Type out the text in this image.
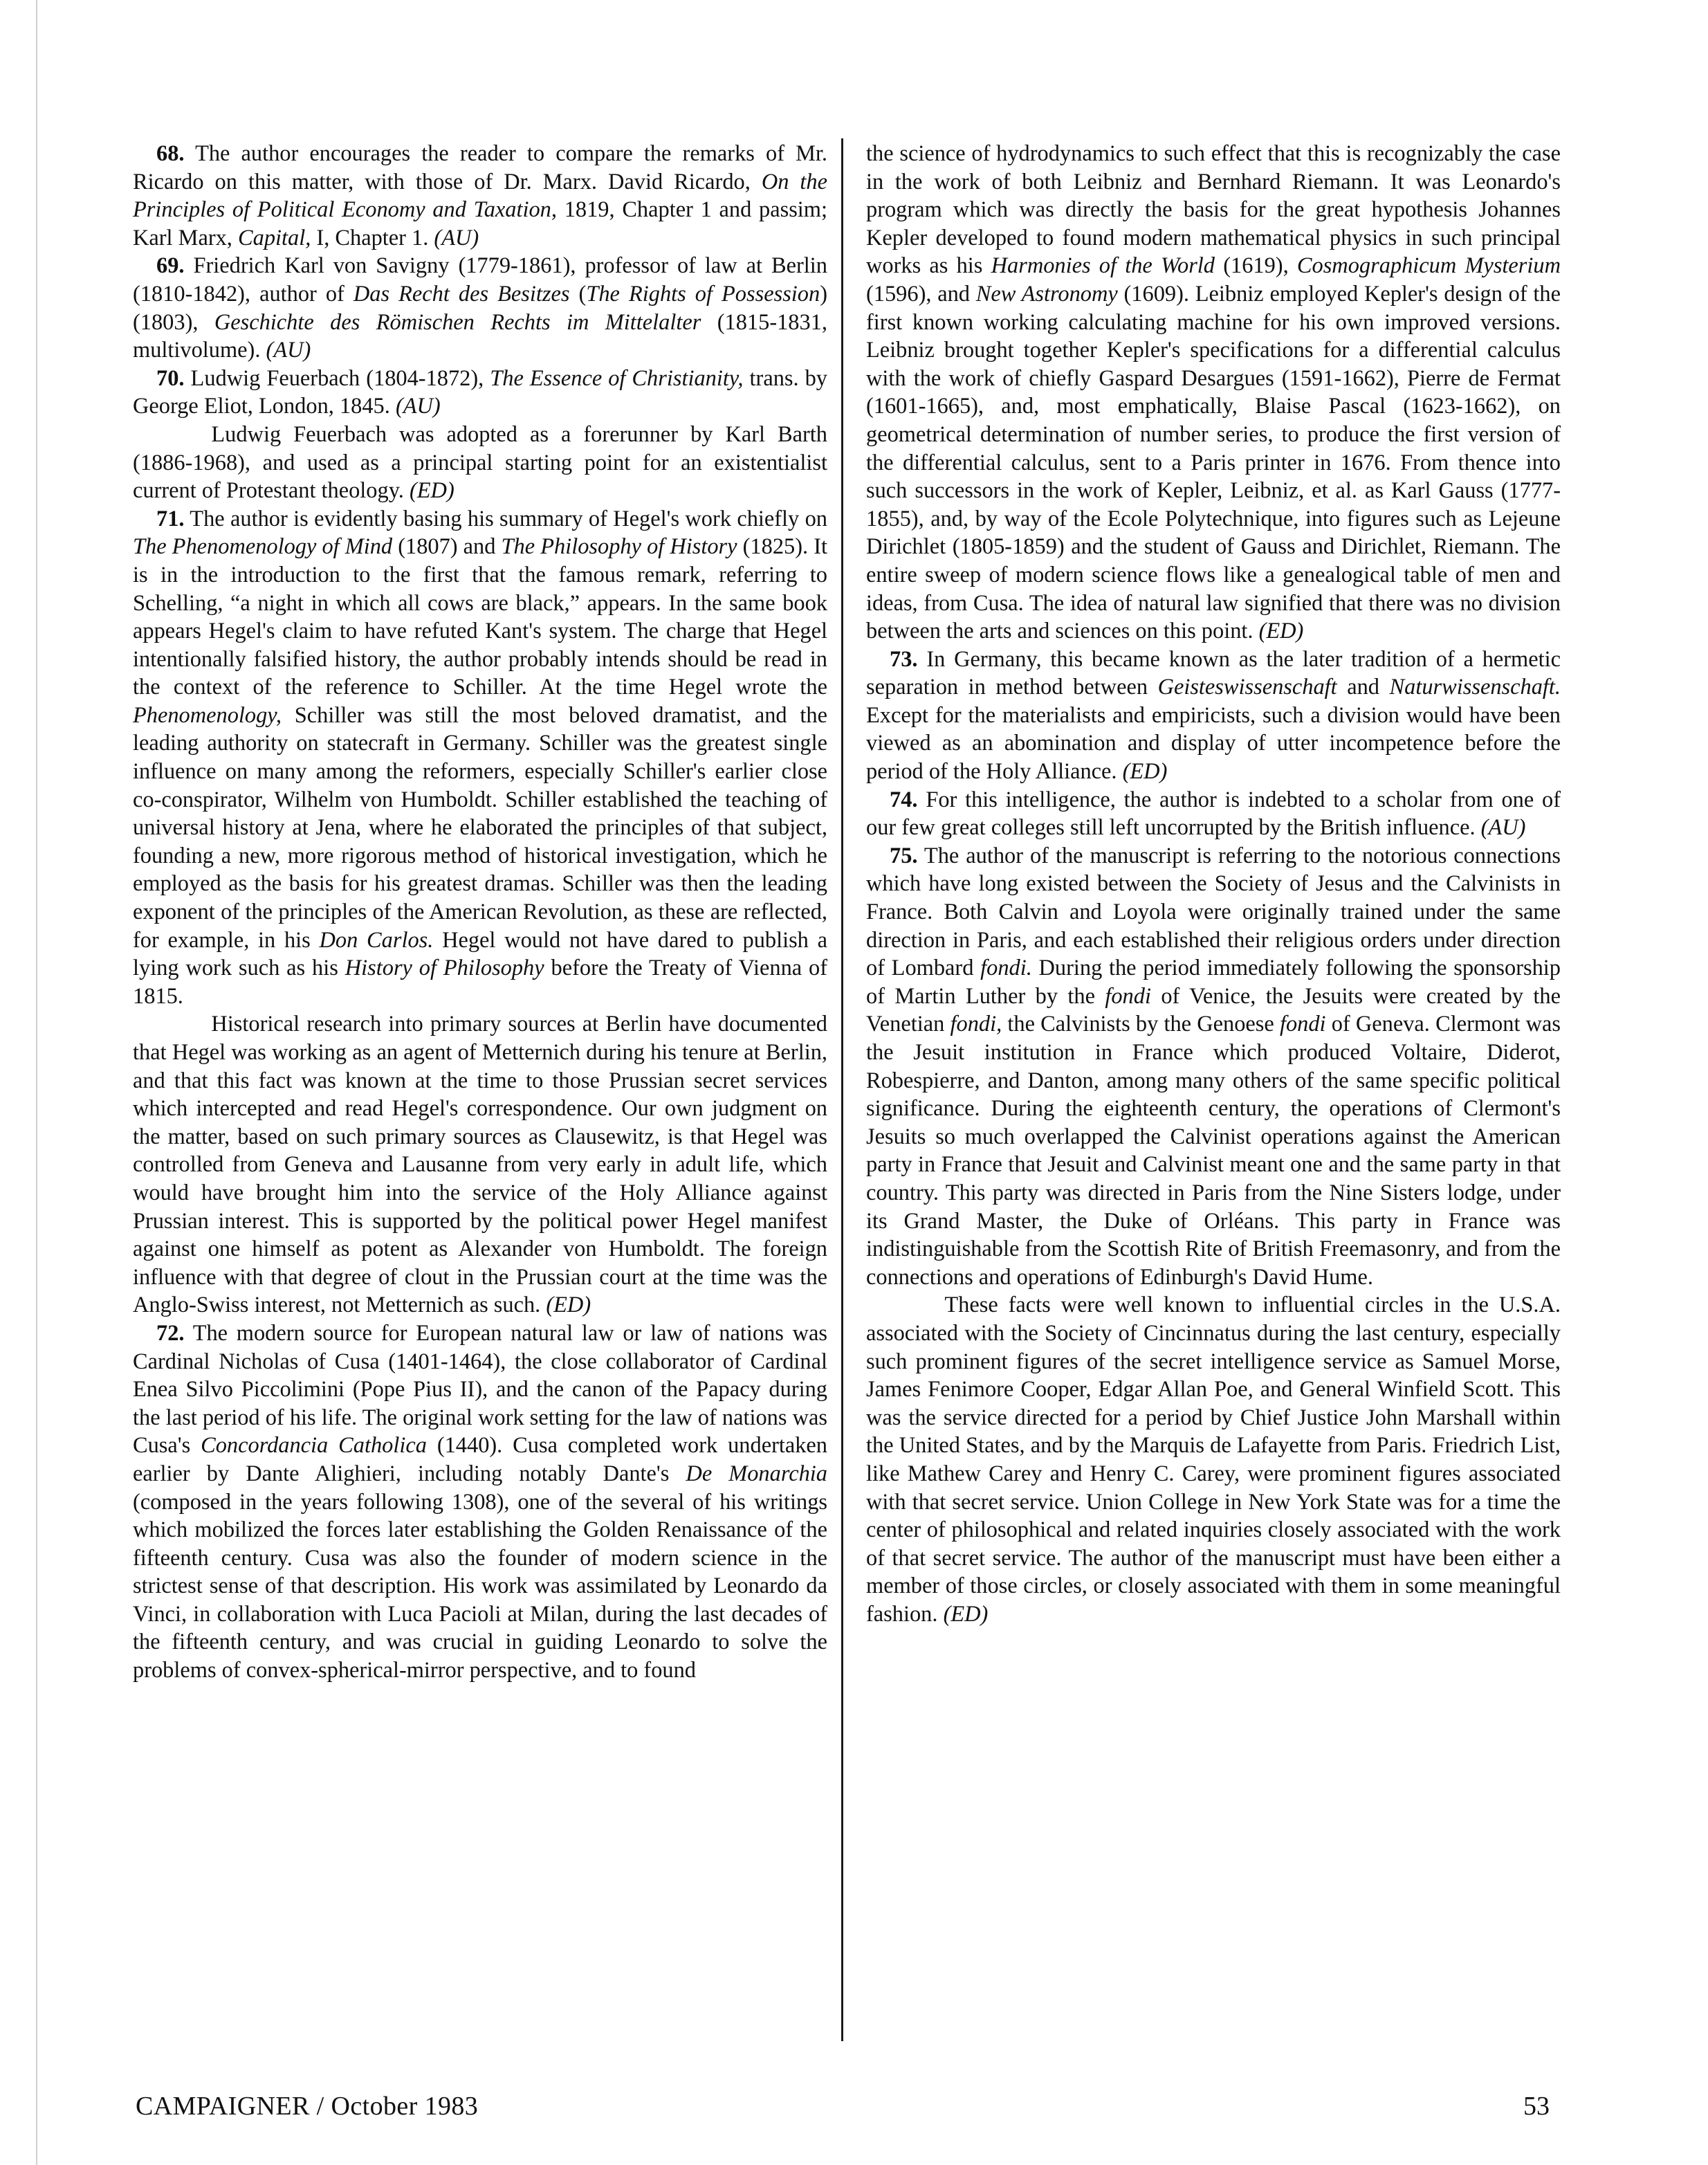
68. The author encourages the reader to compare the remarks of Mr. Ricardo on this matter, with those of Dr. Marx. David Ricardo, On the Principles of Political Economy and Taxation, 1819, Chapter 1 and passim; Karl Marx, Capital, I, Chapter 1. (AU)

69. Friedrich Karl von Savigny (1779-1861), professor of law at Berlin (1810-1842), author of Das Recht des Besitzes (The Rights of Possession) (1803), Geschichte des Römischen Rechts im Mittelalter (1815-1831, multivolume). (AU)

70. Ludwig Feuerbach (1804-1872), The Essence of Christianity, trans. by George Eliot, London, 1845. (AU)

Ludwig Feuerbach was adopted as a forerunner by Karl Barth (1886-1968), and used as a principal starting point for an existentialist current of Protestant theology. (ED)

71. The author is evidently basing his summary of Hegel's work chiefly on The Phenomenology of Mind (1807) and The Philosophy of History (1825). It is in the introduction to the first that the famous remark, referring to Schelling, “a night in which all cows are black,” appears. In the same book appears Hegel's claim to have refuted Kant's system. The charge that Hegel intentionally falsified history, the author probably intends should be read in the context of the reference to Schiller. At the time Hegel wrote the Phenomenology, Schiller was still the most beloved dramatist, and the leading authority on statecraft in Germany. Schiller was the greatest single influence on many among the reformers, especially Schiller's earlier close co-conspirator, Wilhelm von Humboldt. Schiller established the teaching of universal history at Jena, where he elaborated the principles of that subject, founding a new, more rigorous method of historical investigation, which he employed as the basis for his greatest dramas. Schiller was then the leading exponent of the principles of the American Revolution, as these are reflected, for example, in his Don Carlos. Hegel would not have dared to publish a lying work such as his History of Philosophy before the Treaty of Vienna of 1815.

Historical research into primary sources at Berlin have documented that Hegel was working as an agent of Metternich during his tenure at Berlin, and that this fact was known at the time to those Prussian secret services which intercepted and read Hegel's correspondence. Our own judgment on the matter, based on such primary sources as Clausewitz, is that Hegel was controlled from Geneva and Lausanne from very early in adult life, which would have brought him into the service of the Holy Alliance against Prussian interest. This is supported by the political power Hegel manifest against one himself as potent as Alexander von Humboldt. The foreign influence with that degree of clout in the Prussian court at the time was the Anglo-Swiss interest, not Metternich as such. (ED)

72. The modern source for European natural law or law of nations was Cardinal Nicholas of Cusa (1401-1464), the close collaborator of Cardinal Enea Silvo Piccolimini (Pope Pius II), and the canon of the Papacy during the last period of his life. The original work setting for the law of nations was Cusa's Concordancia Catholica (1440). Cusa completed work undertaken earlier by Dante Alighieri, including notably Dante's De Monarchia (composed in the years following 1308), one of the several of his writings which mobilized the forces later establishing the Golden Renaissance of the fifteenth century. Cusa was also the founder of modern science in the strictest sense of that description. His work was assimilated by Leonardo da Vinci, in collaboration with Luca Pacioli at Milan, during the last decades of the fifteenth century, and was crucial in guiding Leonardo to solve the problems of convex-spherical-mirror perspective, and to found

the science of hydrodynamics to such effect that this is recognizably the case in the work of both Leibniz and Bernhard Riemann. It was Leonardo's program which was directly the basis for the great hypothesis Johannes Kepler developed to found modern mathematical physics in such principal works as his Harmonies of the World (1619), Cosmographicum Mysterium (1596), and New Astronomy (1609). Leibniz employed Kepler's design of the first known working calculating machine for his own improved versions. Leibniz brought together Kepler's specifications for a differential calculus with the work of chiefly Gaspard Desargues (1591-1662), Pierre de Fermat (1601-1665), and, most emphatically, Blaise Pascal (1623-1662), on geometrical determination of number series, to produce the first version of the differential calculus, sent to a Paris printer in 1676. From thence into such successors in the work of Kepler, Leibniz, et al. as Karl Gauss (1777-1855), and, by way of the Ecole Polytechnique, into figures such as Lejeune Dirichlet (1805-1859) and the student of Gauss and Dirichlet, Riemann. The entire sweep of modern science flows like a genealogical table of men and ideas, from Cusa. The idea of natural law signified that there was no division between the arts and sciences on this point. (ED)

73. In Germany, this became known as the later tradition of a hermetic separation in method between Geisteswissenschaft and Naturwissenschaft. Except for the materialists and empiricists, such a division would have been viewed as an abomination and display of utter incompetence before the period of the Holy Alliance. (ED)

74. For this intelligence, the author is indebted to a scholar from one of our few great colleges still left uncorrupted by the British influence. (AU)

75. The author of the manuscript is referring to the notorious connections which have long existed between the Society of Jesus and the Calvinists in France. Both Calvin and Loyola were originally trained under the same direction in Paris, and each established their religious orders under direction of Lombard fondi. During the period immediately following the sponsorship of Martin Luther by the fondi of Venice, the Jesuits were created by the Venetian fondi, the Calvinists by the Genoese fondi of Geneva. Clermont was the Jesuit institution in France which produced Voltaire, Diderot, Robespierre, and Danton, among many others of the same specific political significance. During the eighteenth century, the operations of Clermont's Jesuits so much overlapped the Calvinist operations against the American party in France that Jesuit and Calvinist meant one and the same party in that country. This party was directed in Paris from the Nine Sisters lodge, under its Grand Master, the Duke of Orléans. This party in France was indistinguishable from the Scottish Rite of British Freemasonry, and from the connections and operations of Edinburgh's David Hume.

These facts were well known to influential circles in the U.S.A. associated with the Society of Cincinnatus during the last century, especially such prominent figures of the secret intelligence service as Samuel Morse, James Fenimore Cooper, Edgar Allan Poe, and General Winfield Scott. This was the service directed for a period by Chief Justice John Marshall within the United States, and by the Marquis de Lafayette from Paris. Friedrich List, like Mathew Carey and Henry C. Carey, were prominent figures associated with that secret service. Union College in New York State was for a time the center of philosophical and related inquiries closely associated with the work of that secret service. The author of the manuscript must have been either a member of those circles, or closely associated with them in some meaningful fashion. (ED)

CAMPAIGNER / October 1983	53
